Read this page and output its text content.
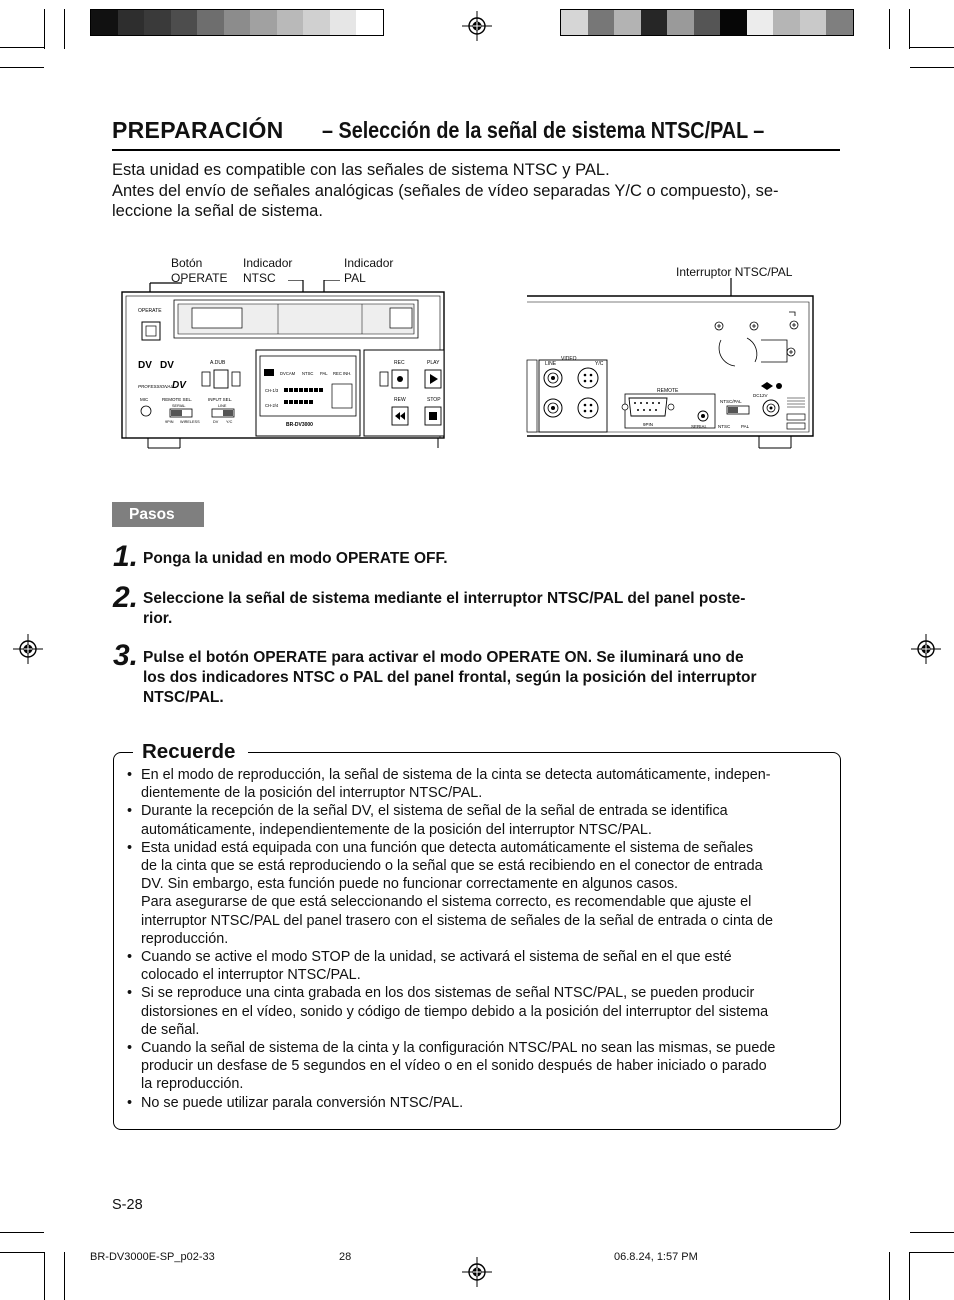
PREPARACIÓN – Selección de la señal de sistema NTSC/PAL –

Esta unidad es compatible con las señales de sistema NTSC y PAL.

Antes del envío de señales analógicas (señales de vídeo separadas Y/C o compuesto), se-

leccione la señal de sistema.

Botón
OPERATE
Indicador
NTSC
Indicador
PAL	Interruptor NTSC/PAL
OPERATE
DV DV
PROFESSIONAL
DV
A.DUB
MIC	REMOTE SEL.
SERIAL
9PIN WIRELESS
INPUT SEL.
LINE
DV Y/C
DVCAM NTSC PAL REC INH.
CH-1/3
CH-2/4
BR-DV3000
REC	PLAY
REW	STOP
LINE
VIDEO
Y/C
REMOTE
9PIN	SERIAL
NTSC/PAL
NTSC PAL
DC12V
Pasos
1. Ponga la unidad en modo OPERATE OFF.
2. Seleccione la señal de sistema mediante el interruptor NTSC/PAL del panel poste-
rior.
3. Pulse el botón OPERATE para activar el modo OPERATE ON. Se iluminará uno de
los dos indicadores NTSC o PAL del panel frontal, según la posición del interruptor
NTSC/PAL.
Recuerde
• En el modo de reproducción, la señal de sistema de la cinta se detecta automáticamente, indepen-
dientemente de la posición del interruptor NTSC/PAL.
• Durante la recepción de la señal DV, el sistema de señal de la señal de entrada se identifica
automáticamente, independientemente de la posición del interruptor NTSC/PAL.
• Esta unidad está equipada con una función que detecta automáticamente el sistema de señales
de la cinta que se está reproduciendo o la señal que se está recibiendo en el conector de entrada
DV. Sin embargo, esta función puede no funcionar correctamente en algunos casos.
Para asegurarse de que está seleccionando el sistema correcto, es recomendable que ajuste el
interruptor NTSC/PAL del panel trasero con el sistema de señales de la señal de entrada o cinta de
reproducción.
• Cuando se active el modo STOP de la unidad, se activará el sistema de señal en el que esté
colocado el interruptor NTSC/PAL.
• Si se reproduce una cinta grabada en los dos sistemas de señal NTSC/PAL, se pueden producir
distorsiones en el vídeo, sonido y código de tiempo debido a la posición del interruptor del sistema
de señal.
• Cuando la señal de sistema de la cinta y la configuración NTSC/PAL no sean las mismas, se puede
producir un desfase de 5 segundos en el vídeo o en el sonido después de haber iniciado o parado
la reproducción.
• No se puede utilizar parala conversión NTSC/PAL.
S-28
BR-DV3000E-SP_p02-33	28	06.8.24, 1:57 PM
